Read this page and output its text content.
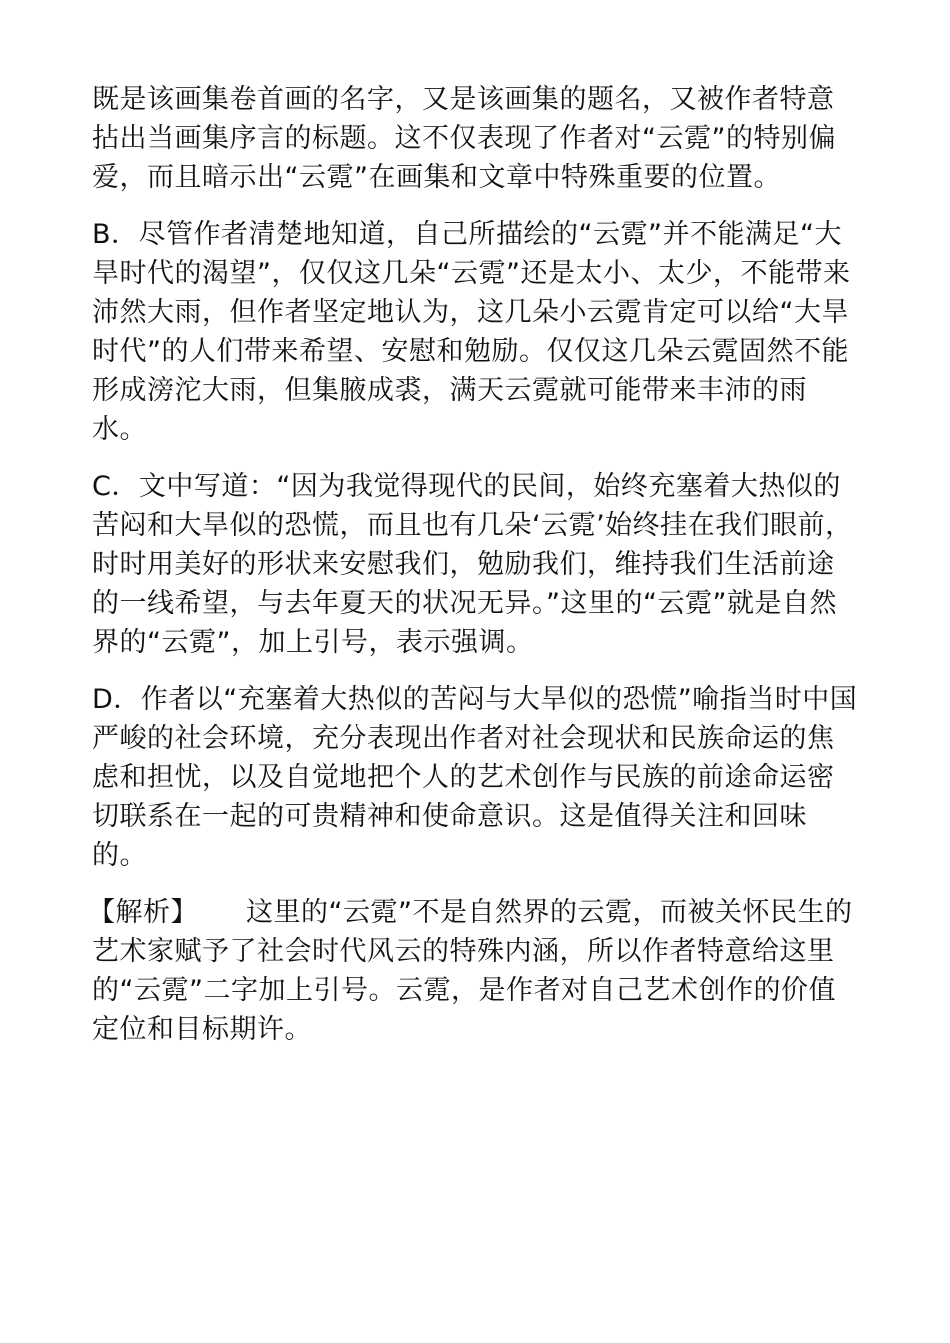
既是该画集卷首画的名字，又是该画集的题名，又被作者特意
拈出当画集序言的标题。这不仅表现了作者对“云霓”的特别偏
爱，而且暗示出“云霓”在画集和文章中特殊重要的位置。
B．尽管作者清楚地知道，自己所描绘的“云霓”并不能满足“大
旱时代的渴望”，仅仅这几朵“云霓”还是太小、太少，不能带来
沛然大雨，但作者坚定地认为，这几朵小云霓肯定可以给“大旱
时代”的人们带来希望、安慰和勉励。仅仅这几朵云霓固然不能
形成滂沱大雨，但集腋成裘，满天云霓就可能带来丰沛的雨
水。
C．文中写道：“因为我觉得现代的民间，始终充塞着大热似的
苦闷和大旱似的恐慌，而且也有几朵‘云霓’始终挂在我们眼前，
时时用美好的形状来安慰我们，勉励我们，维持我们生活前途
的一线希望，与去年夏天的状况无异。”这里的“云霓”就是自然
界的“云霓”，加上引号，表示强调。
D．作者以“充塞着大热似的苦闷与大旱似的恐慌”喻指当时中国
严峻的社会环境，充分表现出作者对社会现状和民族命运的焦
虑和担忧，以及自觉地把个人的艺术创作与民族的前途命运密
切联系在一起的可贵精神和使命意识。这是值得关注和回味
的。
【解析】 这里的“云霓”不是自然界的云霓，而被关怀民生的
艺术家赋予了社会时代风云的特殊内涵，所以作者特意给这里
的“云霓”二字加上引号。云霓，是作者对自己艺术创作的价值
定位和目标期许。
